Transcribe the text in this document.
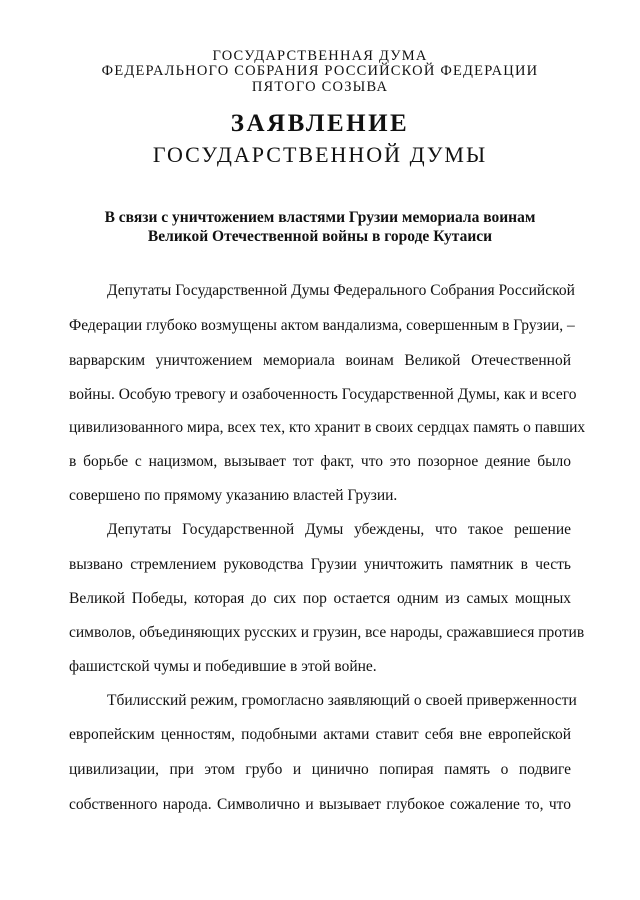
ГОСУДАРСТВЕННАЯ ДУМА
ФЕДЕРАЛЬНОГО СОБРАНИЯ РОССИЙСКОЙ ФЕДЕРАЦИИ
ПЯТОГО СОЗЫВА
ЗАЯВЛЕНИЕ
ГОСУДАРСТВЕННОЙ ДУМЫ
В связи с уничтожением властями Грузии мемориала воинам
Великой Отечественной войны в городе Кутаиси
Депутаты Государственной Думы Федерального Собрания Российской
Федерации глубоко возмущены актом вандализма, совершенным в Грузии, –
варварским уничтожением мемориала воинам Великой Отечественной
войны. Особую тревогу и озабоченность Государственной Думы, как и всего
цивилизованного мира, всех тех, кто хранит в своих сердцах память о павших
в борьбе с нацизмом, вызывает тот факт, что это позорное деяние было
совершено по прямому указанию властей Грузии.
Депутаты Государственной Думы убеждены, что такое решение
вызвано стремлением руководства Грузии уничтожить памятник в честь
Великой Победы, которая до сих пор остается одним из самых мощных
символов, объединяющих русских и грузин, все народы, сражавшиеся против
фашистской чумы и победившие в этой войне.
Тбилисский режим, громогласно заявляющий о своей приверженности
европейским ценностям, подобными актами ставит себя вне европейской
цивилизации, при этом грубо и цинично попирая память о подвиге
собственного народа. Символично и вызывает глубокое сожаление то, что
